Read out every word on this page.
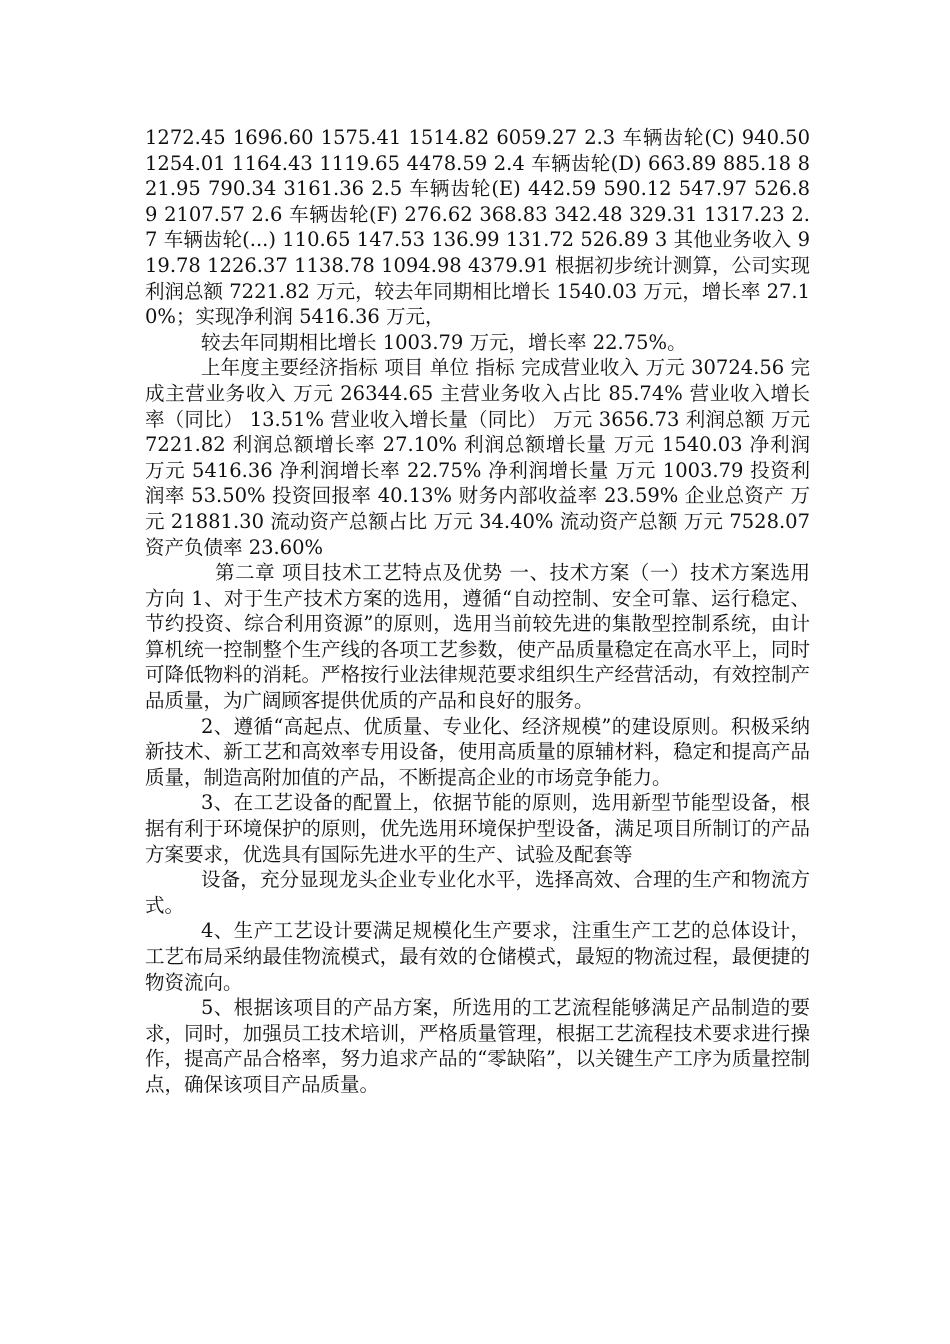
1272.45 1696.60 1575.41 1514.82 6059.27 2.3 车辆齿轮(C) 940.50 1254.01 1164.43 1119.65 4478.59 2.4 车辆齿轮(D) 663.89 885.18 821.95 790.34 3161.36 2.5 车辆齿轮(E) 442.59 590.12 547.97 526.89 2107.57 2.6 车辆齿轮(F) 276.62 368.83 342.48 329.31 1317.23 2.7 车辆齿轮(...) 110.65 147.53 136.99 131.72 526.89 3 其他业务收入 919.78 1226.37 1138.78 1094.98 4379.91 根据初步统计测算，公司实现利润总额 7221.82 万元，较去年同期相比增长 1540.03 万元，增长率 27.10%；实现净利润 5416.36 万元，

较去年同期相比增长 1003.79 万元，增长率 22.75%。

上年度主要经济指标 项目 单位 指标 完成营业收入 万元 30724.56 完成主营业务收入 万元 26344.65 主营业务收入占比 85.74% 营业收入增长率（同比） 13.51% 营业收入增长量（同比） 万元 3656.73 利润总额 万元 7221.82 利润总额增长率 27.10% 利润总额增长量 万元 1540.03 净利润 万元 5416.36 净利润增长率 22.75% 净利润增长量 万元 1003.79 投资利润率 53.50% 投资回报率 40.13% 财务内部收益率 23.59% 企业总资产 万元 21881.30 流动资产总额占比 万元 34.40% 流动资产总额 万元 7528.07 资产负债率 23.60%

第二章 项目技术工艺特点及优势 一、技术方案（一）技术方案选用方向 1、对于生产技术方案的选用，遵循“自动控制、安全可靠、运行稳定、节约投资、综合利用资源”的原则，选用当前较先进的集散型控制系统，由计算机统一控制整个生产线的各项工艺参数，使产品质量稳定在高水平上，同时可降低物料的消耗。严格按行业法律规范要求组织生产经营活动，有效控制产品质量，为广阔顾客提供优质的产品和良好的服务。

2、遵循“高起点、优质量、专业化、经济规模”的建设原则。积极采纳新技术、新工艺和高效率专用设备，使用高质量的原辅材料，稳定和提高产品质量，制造高附加值的产品，不断提高企业的市场竞争能力。

3、在工艺设备的配置上，依据节能的原则，选用新型节能型设备，根据有利于环境保护的原则，优先选用环境保护型设备，满足项目所制订的产品方案要求，优选具有国际先进水平的生产、试验及配套等

设备，充分显现龙头企业专业化水平，选择高效、合理的生产和物流方式。

4、生产工艺设计要满足规模化生产要求，注重生产工艺的总体设计，工艺布局采纳最佳物流模式，最有效的仓储模式，最短的物流过程，最便捷的物资流向。

5、根据该项目的产品方案，所选用的工艺流程能够满足产品制造的要求，同时，加强员工技术培训，严格质量管理，根据工艺流程技术要求进行操作，提高产品合格率，努力追求产品的“零缺陷”，以关键生产工序为质量控制点，确保该项目产品质量。
